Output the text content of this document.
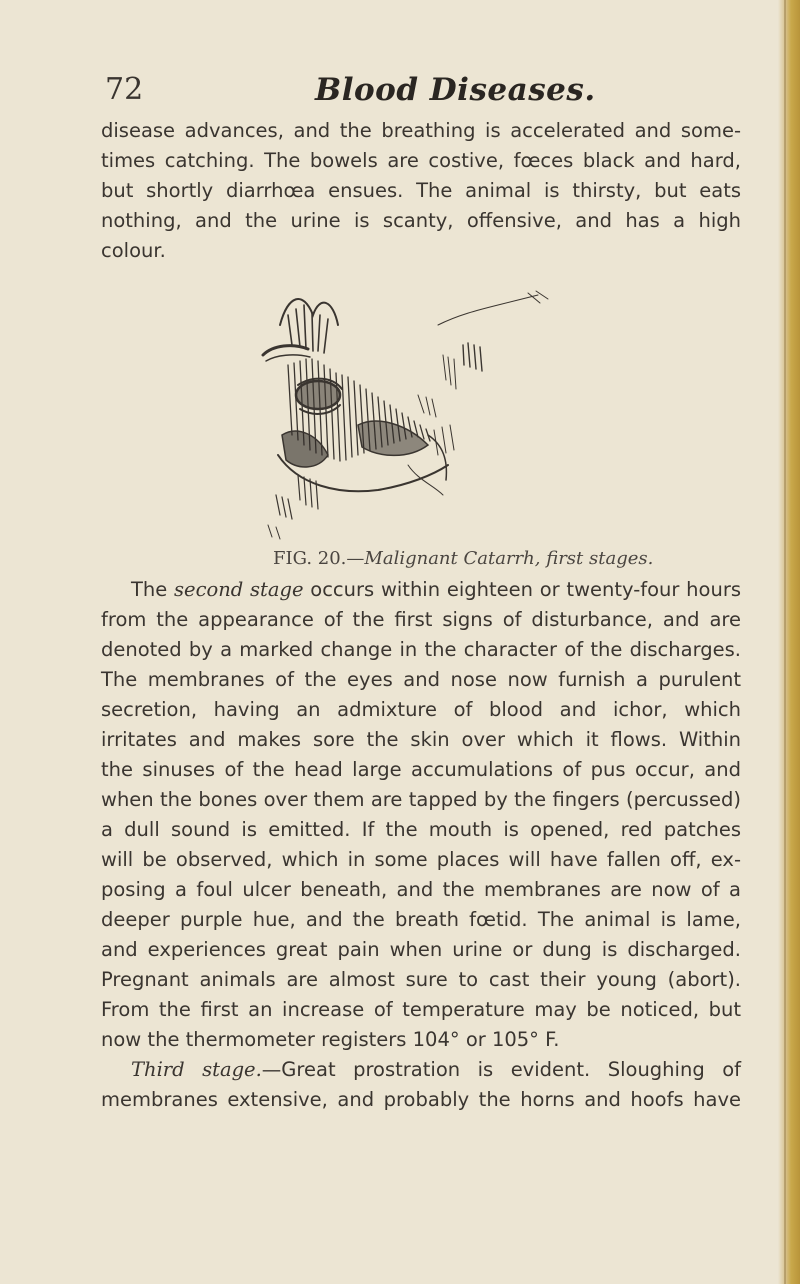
72	Blood Diseases.
disease advances, and the breathing is accelerated and some-
times catching. The bowels are costive, fœces black and hard,
but shortly diarrhœa ensues. The animal is thirsty, but eats
nothing, and the urine is scanty, offensive, and has a high
colour.
FIG. 20.—Malignant Catarrh, first stages.
The second stage occurs within eighteen or twenty-four hours
from the appearance of the first signs of disturbance, and are
denoted by a marked change in the character of the discharges.
The membranes of the eyes and nose now furnish a purulent
secretion, having an admixture of blood and ichor, which
irritates and makes sore the skin over which it flows. Within
the sinuses of the head large accumulations of pus occur, and
when the bones over them are tapped by the fingers (percussed)
a dull sound is emitted. If the mouth is opened, red patches
will be observed, which in some places will have fallen off, ex-
posing a foul ulcer beneath, and the membranes are now of a
deeper purple hue, and the breath fœtid. The animal is lame,
and experiences great pain when urine or dung is discharged.
Pregnant animals are almost sure to cast their young (abort).
From the first an increase of temperature may be noticed, but
now the thermometer registers 104° or 105° F.
Third stage.—Great prostration is evident. Sloughing of
membranes extensive, and probably the horns and hoofs have
